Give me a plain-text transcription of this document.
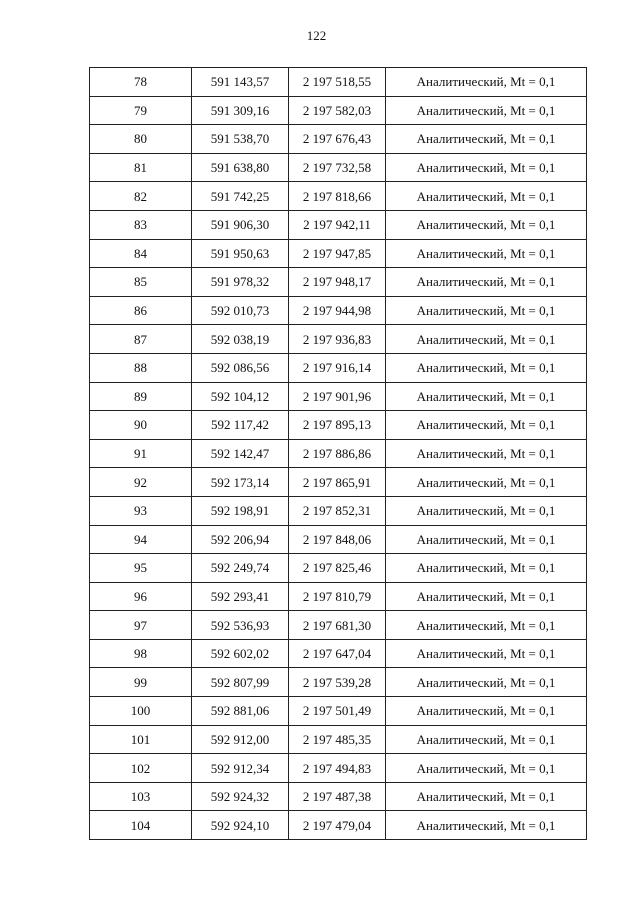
122
78	591 143,57	2 197 518,55	Аналитический, Mt = 0,1
79	591 309,16	2 197 582,03	Аналитический, Mt = 0,1
80	591 538,70	2 197 676,43	Аналитический, Mt = 0,1
81	591 638,80	2 197 732,58	Аналитический, Mt = 0,1
82	591 742,25	2 197 818,66	Аналитический, Mt = 0,1
83	591 906,30	2 197 942,11	Аналитический, Mt = 0,1
84	591 950,63	2 197 947,85	Аналитический, Mt = 0,1
85	591 978,32	2 197 948,17	Аналитический, Mt = 0,1
86	592 010,73	2 197 944,98	Аналитический, Mt = 0,1
87	592 038,19	2 197 936,83	Аналитический, Mt = 0,1
88	592 086,56	2 197 916,14	Аналитический, Mt = 0,1
89	592 104,12	2 197 901,96	Аналитический, Mt = 0,1
90	592 117,42	2 197 895,13	Аналитический, Mt = 0,1
91	592 142,47	2 197 886,86	Аналитический, Mt = 0,1
92	592 173,14	2 197 865,91	Аналитический, Mt = 0,1
93	592 198,91	2 197 852,31	Аналитический, Mt = 0,1
94	592 206,94	2 197 848,06	Аналитический, Mt = 0,1
95	592 249,74	2 197 825,46	Аналитический, Mt = 0,1
96	592 293,41	2 197 810,79	Аналитический, Mt = 0,1
97	592 536,93	2 197 681,30	Аналитический, Mt = 0,1
98	592 602,02	2 197 647,04	Аналитический, Mt = 0,1
99	592 807,99	2 197 539,28	Аналитический, Mt = 0,1
100	592 881,06	2 197 501,49	Аналитический, Mt = 0,1
101	592 912,00	2 197 485,35	Аналитический, Mt = 0,1
102	592 912,34	2 197 494,83	Аналитический, Mt = 0,1
103	592 924,32	2 197 487,38	Аналитический, Mt = 0,1
104	592 924,10	2 197 479,04	Аналитический, Mt = 0,1
